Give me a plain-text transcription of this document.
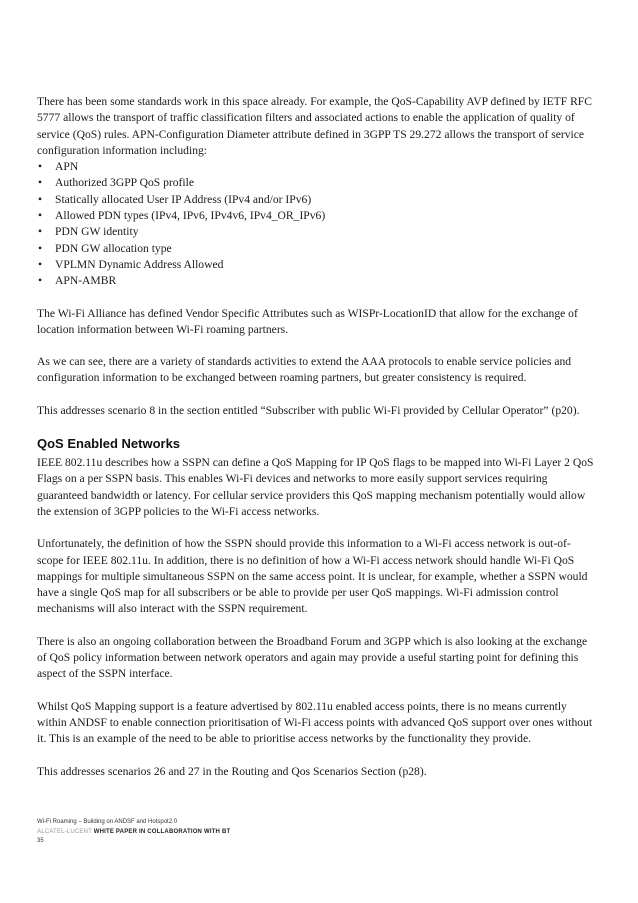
There has been some standards work in this space already. For example, the QoS-Capability AVP defined by IETF RFC 5777 allows the transport of traffic classification filters and associated actions to enable the application of quality of service (QoS) rules. APN-Configuration Diameter attribute defined in 3GPP TS 29.272 allows the transport of service configuration information including:

• APN
• Authorized 3GPP QoS profile
• Statically allocated User IP Address (IPv4 and/or IPv6)
• Allowed PDN types (IPv4, IPv6, IPv4v6, IPv4_OR_IPv6)
• PDN GW identity
• PDN GW allocation type
• VPLMN Dynamic Address Allowed
• APN-AMBR

The Wi-Fi Alliance has defined Vendor Specific Attributes such as WISPr-LocationID that allow for the exchange of location information between Wi-Fi roaming partners.

As we can see, there are a variety of standards activities to extend the AAA protocols to enable service policies and configuration information to be exchanged between roaming partners, but greater consistency is required.

This addresses scenario 8 in the section entitled “Subscriber with public Wi-Fi provided by Cellular Operator” (p20).

QoS Enabled Networks

IEEE 802.11u describes how a SSPN can define a QoS Mapping for IP QoS flags to be mapped into Wi-Fi Layer 2 QoS Flags on a per SSPN basis. This enables Wi-Fi devices and networks to more easily support services requiring guaranteed bandwidth or latency. For cellular service providers this QoS mapping mechanism potentially would allow the extension of 3GPP policies to the Wi-Fi access networks.

Unfortunately, the definition of how the SSPN should provide this information to a Wi-Fi access network is out-of-scope for IEEE 802.11u. In addition, there is no definition of how a Wi-Fi access network should handle Wi-Fi QoS mappings for multiple simultaneous SSPN on the same access point. It is unclear, for example, whether a SSPN would have a single QoS map for all subscribers or be able to provide per user QoS mappings. Wi-Fi admission control mechanisms will also interact with the SSPN requirement.

There is also an ongoing collaboration between the Broadband Forum and 3GPP which is also looking at the exchange of QoS policy information between network operators and again may provide a useful starting point for defining this aspect of the SSPN interface.

Whilst QoS Mapping support is a feature advertised by 802.11u enabled access points, there is no means currently within ANDSF to enable connection prioritisation of Wi-Fi access points with advanced QoS support over ones without it. This is an example of the need to be able to prioritise access networks by the functionality they provide.

This addresses scenarios 26 and 27 in the Routing and Qos Scenarios Section (p28).

Wi-Fi Roaming – Building on ANDSF and Hotspot2.0
ALCATEL-LUCENT WHITE PAPER IN COLLABORATION WITH BT
35
